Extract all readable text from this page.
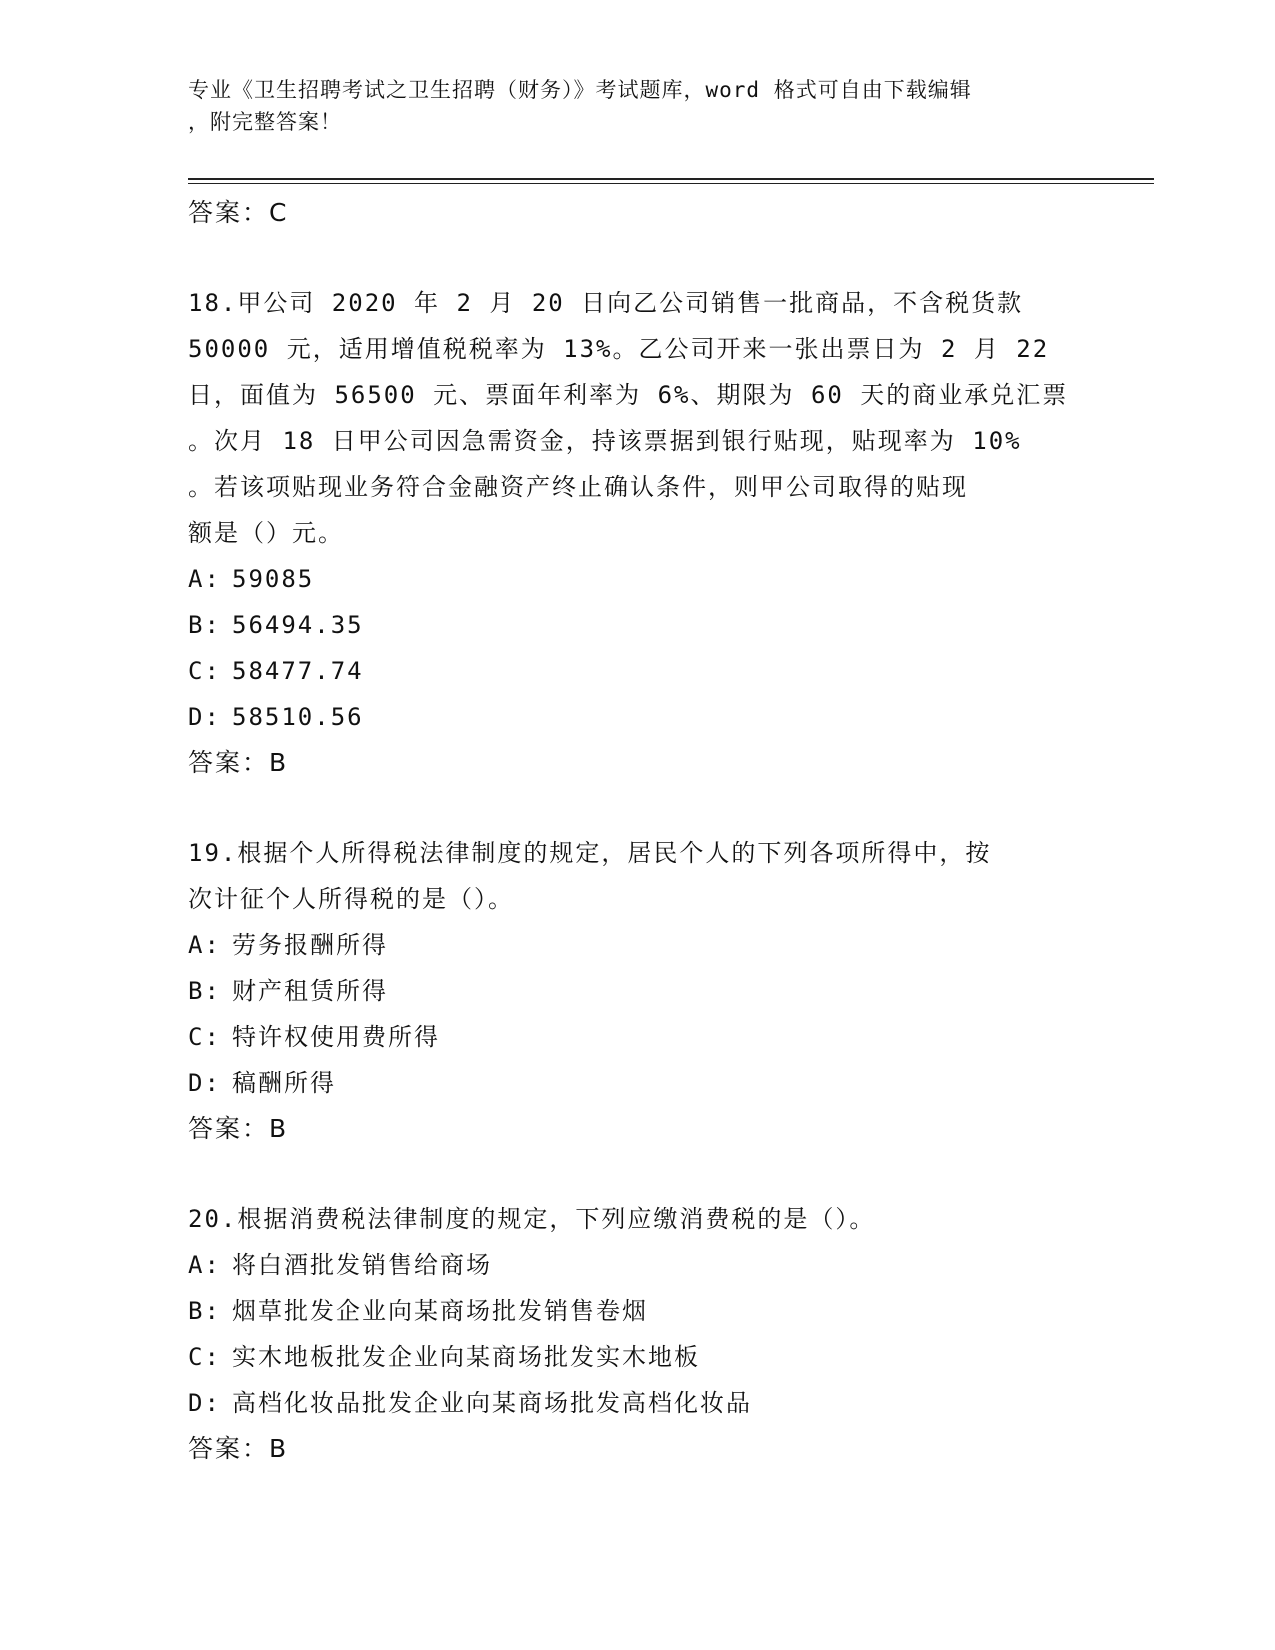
专业《卫生招聘考试之卫生招聘（财务）》考试题库，word 格式可自由下载编辑
，附完整答案！
答案：C
18.甲公司 2020 年 2 月 20 日向乙公司销售一批商品，不含税货款
50000 元，适用增值税税率为 13%。乙公司开来一张出票日为 2 月 22
日，面值为 56500 元、票面年利率为 6%、期限为 60 天的商业承兑汇票
。次月 18 日甲公司因急需资金，持该票据到银行贴现，贴现率为 10%
。若该项贴现业务符合金融资产终止确认条件，则甲公司取得的贴现
额是（）元。
A: 59085
B: 56494.35
C: 58477.74
D: 58510.56
答案：B
19.根据个人所得税法律制度的规定，居民个人的下列各项所得中，按
次计征个人所得税的是（）。
A: 劳务报酬所得
B: 财产租赁所得
C: 特许权使用费所得
D: 稿酬所得
答案：B
20.根据消费税法律制度的规定，下列应缴消费税的是（）。
A: 将白酒批发销售给商场
B: 烟草批发企业向某商场批发销售卷烟
C: 实木地板批发企业向某商场批发实木地板
D: 高档化妆品批发企业向某商场批发高档化妆品
答案：B
